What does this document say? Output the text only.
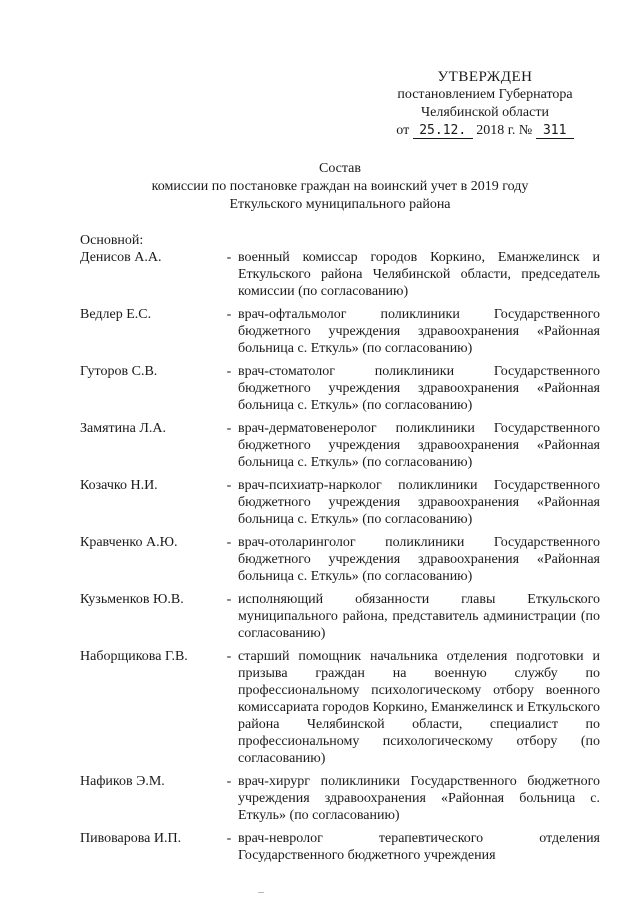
УТВЕРЖДЕН
постановлением Губернатора
Челябинской области
от 25.12. 2018 г. № 311
Состав
комиссии по постановке граждан на воинский учет в 2019 году
Еткульского муниципального района
Основной:
Денисов А.А.	- военный комиссар городов Коркино, Еманжелинск и Еткульского района Челябинской области, председатель комиссии (по согласованию)
Ведлер Е.С.	- врач-офтальмолог поликлиники Государственного бюджетного учреждения здравоохранения «Районная больница с. Еткуль» (по согласованию)
Гуторов С.В.	- врач-стоматолог поликлиники Государственного бюджетного учреждения здравоохранения «Районная больница с. Еткуль» (по согласованию)
Замятина Л.А.	- врач-дерматовенеролог поликлиники Государственного бюджетного учреждения здравоохранения «Районная больница с. Еткуль» (по согласованию)
Козачко Н.И.	- врач-психиатр-нарколог поликлиники Государственного бюджетного учреждения здравоохранения «Районная больница с. Еткуль» (по согласованию)
Кравченко А.Ю.	- врач-отоларинголог поликлиники Государственного бюджетного учреждения здравоохранения «Районная больница с. Еткуль» (по согласованию)
Кузьменков Ю.В.	- исполняющий обязанности главы Еткульского муниципального района, представитель администрации (по согласованию)
Наборщикова Г.В.	- старший помощник начальника отделения подготовки и призыва граждан на военную службу по профессиональному психологическому отбору военного комиссариата городов Коркино, Еманжелинск и Еткульского района Челябинской области, специалист по профессиональному психологическому отбору (по согласованию)
Нафиков Э.М.	- врач-хирург поликлиники Государственного бюджетного учреждения здравоохранения «Районная больница с. Еткуль» (по согласованию)
Пивоварова И.П.	- врач-невролог терапевтического отделения Государственного бюджетного учреждения
